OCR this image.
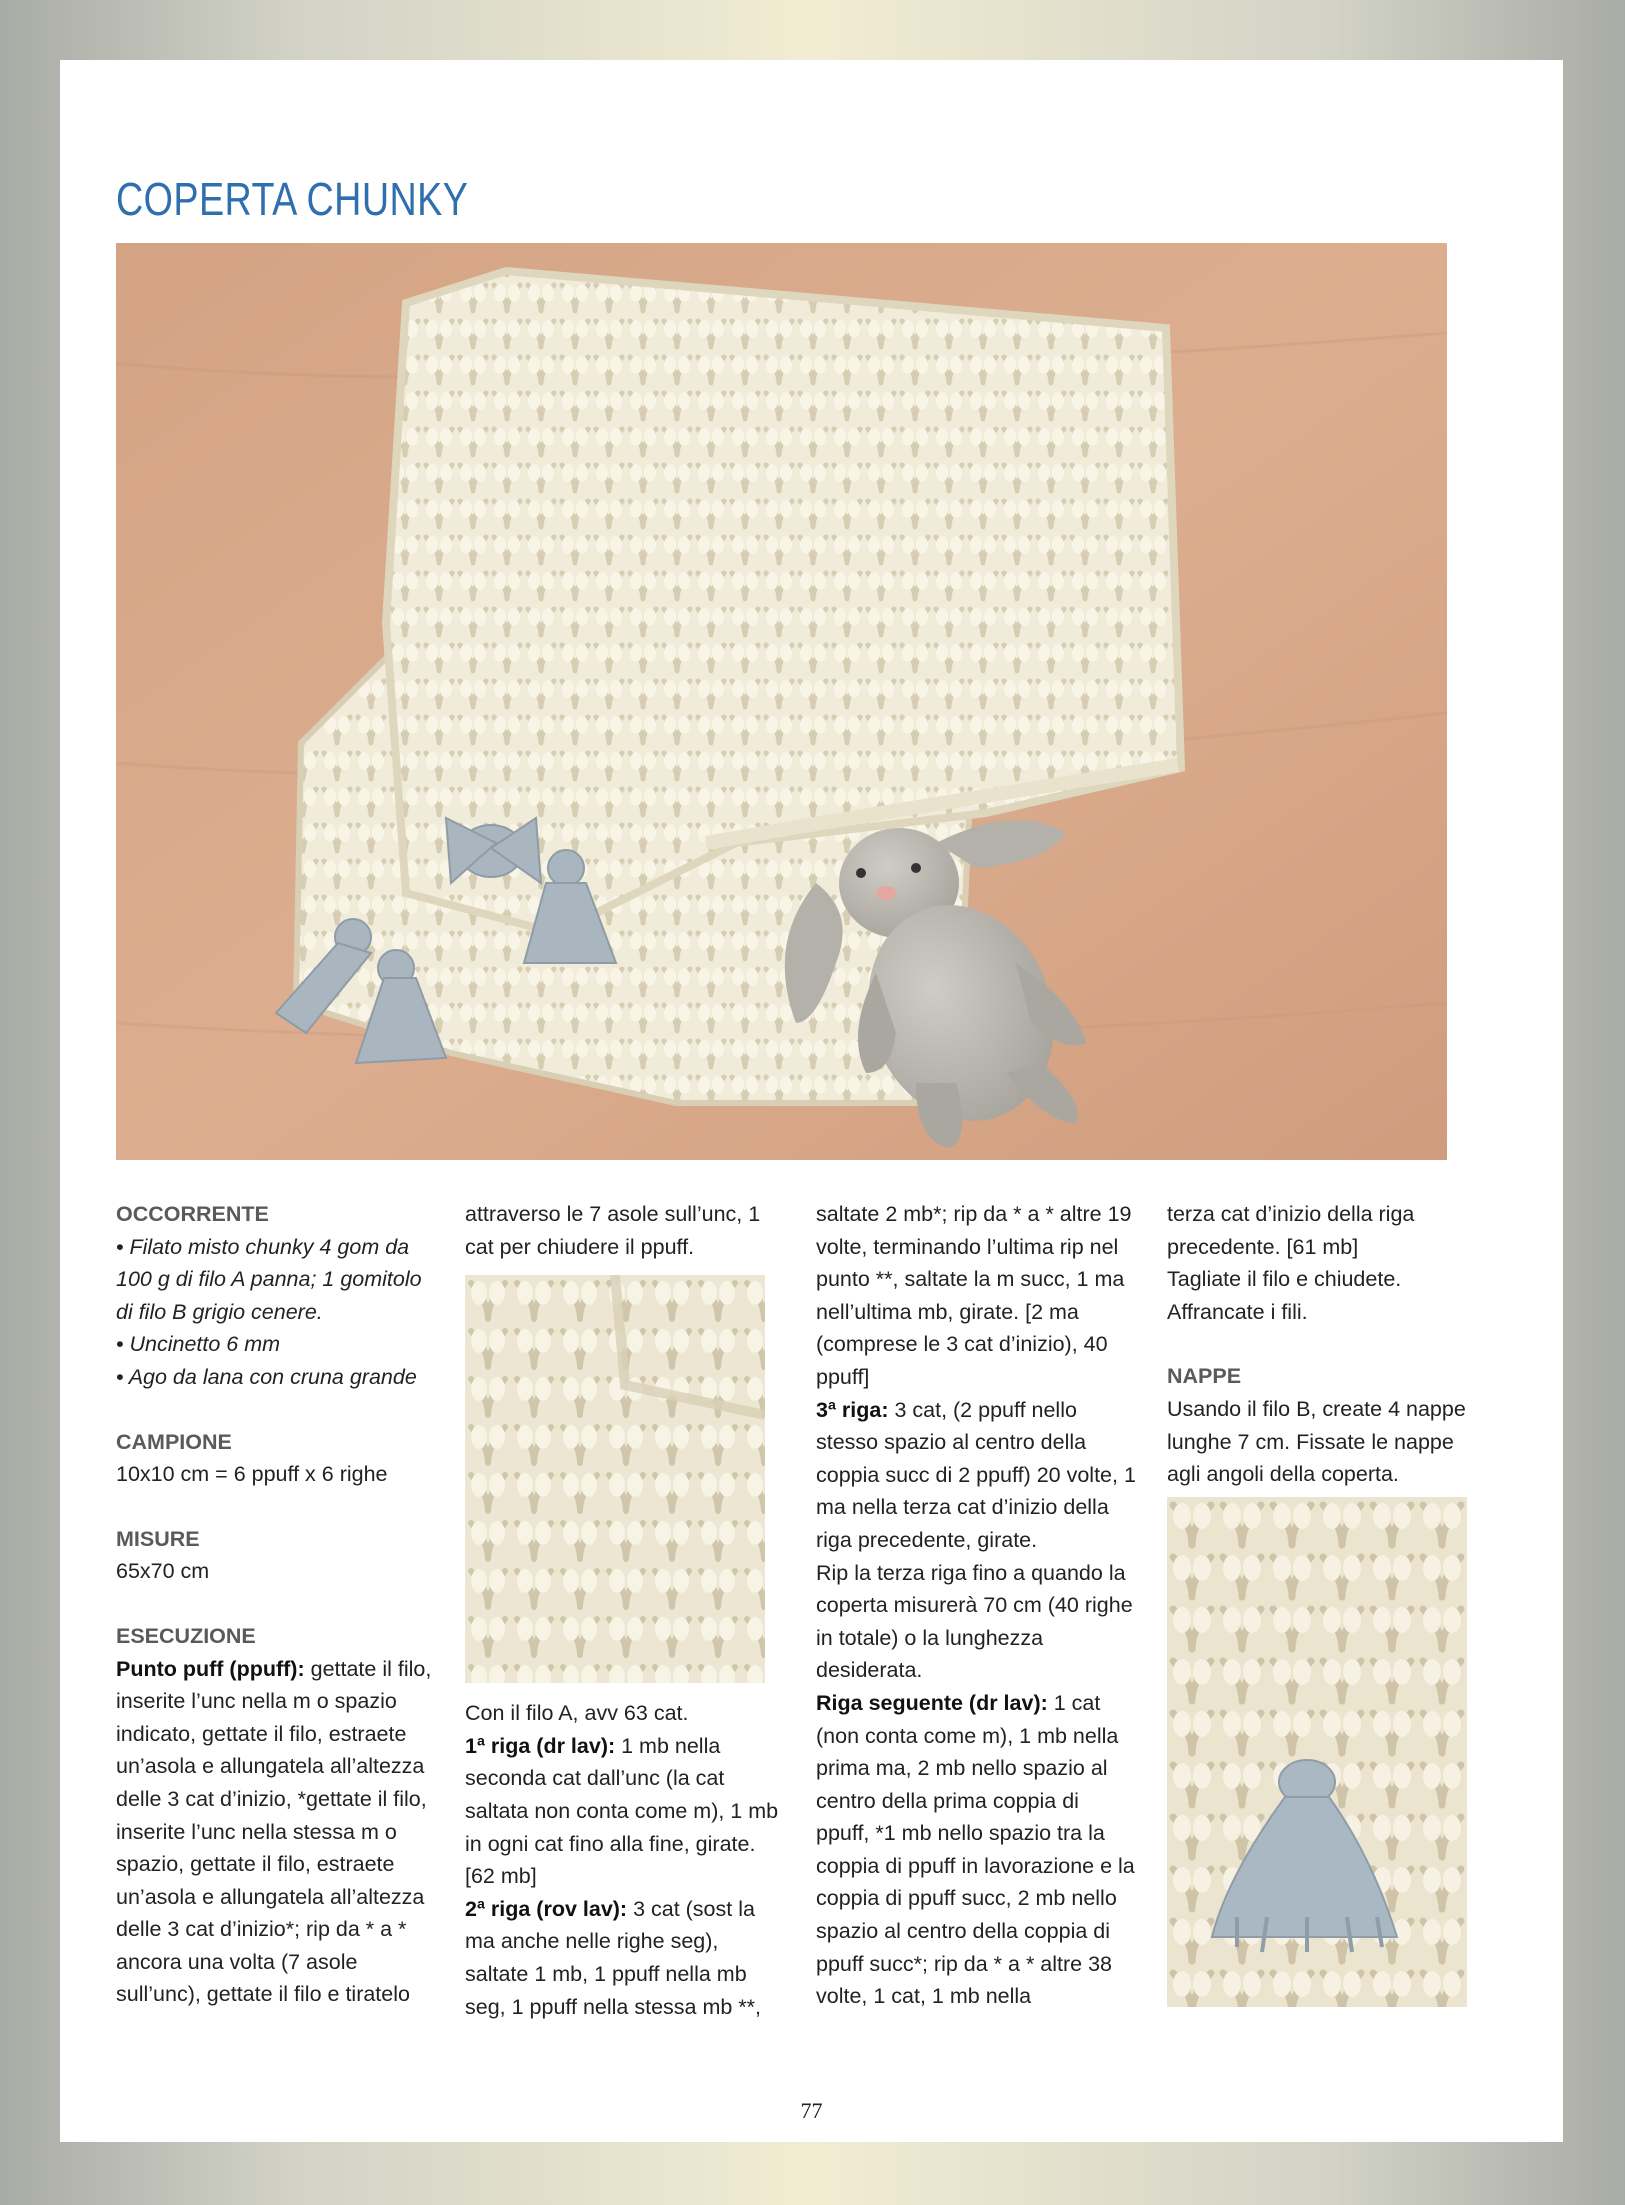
COPERTA CHUNKY

OCCORRENTE

• Filato misto chunky 4 gom da

100 g di filo A panna; 1 gomitolo

di filo B grigio cenere.

• Uncinetto 6 mm

• Ago da lana con cruna grande

CAMPIONE

10x10 cm = 6 ppuff x 6 righe

MISURE

65x70 cm

ESECUZIONE

Punto puff (ppuff): gettate il filo, inserite l’unc nella m o spazio indicato, gettate il filo, estraete un’asola e allungatela all’altezza delle 3 cat d’inizio, *gettate il filo, inserite l’unc nella stessa m o spazio, gettate il filo, estraete un’asola e allungatela all’altezza delle 3 cat d’inizio*; rip da * a * ancora una volta (7 asole sull’unc), gettate il filo e tiratelo

attraverso le 7 asole sull’unc, 1 cat per chiudere il ppuff.

Con il filo A, avv 63 cat.

1ª riga (dr lav): 1 mb nella seconda cat dall’unc (la cat saltata non conta come m), 1 mb in ogni cat fino alla fine, girate. [62 mb]

2ª riga (rov lav): 3 cat (sost la ma anche nelle righe seg), saltate 1 mb, 1 ppuff nella mb seg, 1 ppuff nella stessa mb **,

saltate 2 mb*; rip da * a * altre 19 volte, terminando l’ultima rip nel punto **, saltate la m succ, 1 ma nell’ultima mb, girate. [2 ma (comprese le 3 cat d’inizio), 40 ppuff]

3ª riga: 3 cat, (2 ppuff nello stesso spazio al centro della coppia succ di 2 ppuff) 20 volte, 1 ma nella terza cat d’inizio della riga precedente, girate.

Rip la terza riga fino a quando la coperta misurerà 70 cm (40 righe in totale) o la lunghezza desiderata.

Riga seguente (dr lav): 1 cat (non conta come m), 1 mb nella prima ma, 2 mb nello spazio al centro della prima coppia di ppuff, *1 mb nello spazio tra la coppia di ppuff in lavorazione e la coppia di ppuff succ, 2 mb nello spazio al centro della coppia di ppuff succ*; rip da * a * altre 38 volte, 1 cat, 1 mb nella

terza cat d’inizio della riga precedente. [61 mb]

Tagliate il filo e chiudete.

Affrancate i fili.

NAPPE

Usando il filo B, create 4 nappe lunghe 7 cm. Fissate le nappe agli angoli della coperta.

77
